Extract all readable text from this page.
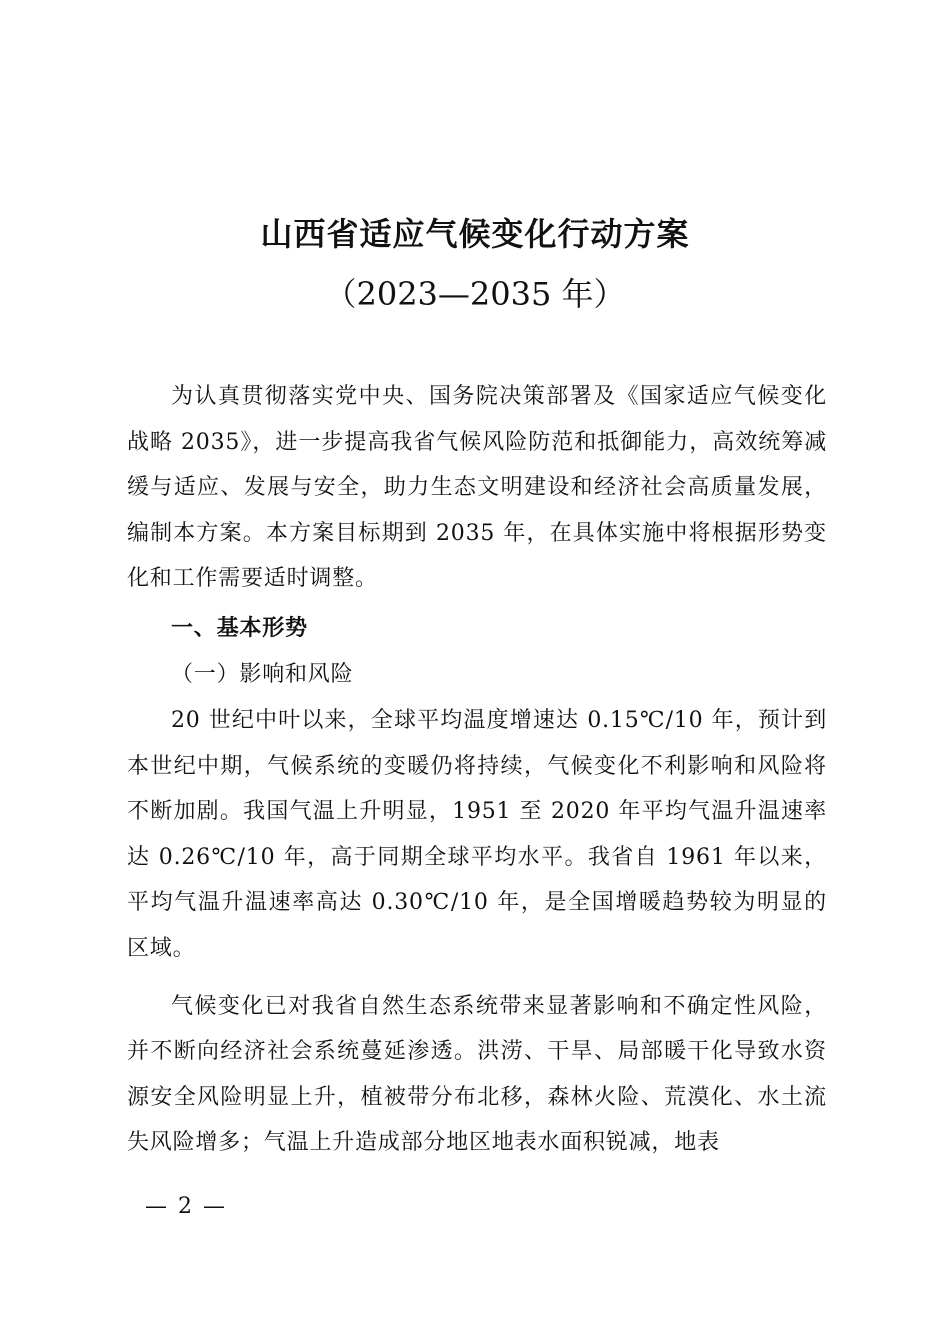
山西省适应气候变化行动方案
（2023—2035 年）

为认真贯彻落实党中央、国务院决策部署及《国家适应气候变化战略 2035》，进一步提高我省气候风险防范和抵御能力，高效统筹减缓与适应、发展与安全，助力生态文明建设和经济社会高质量发展，编制本方案。本方案目标期到 2035 年，在具体实施中将根据形势变化和工作需要适时调整。

一、基本形势
（一）影响和风险

20 世纪中叶以来，全球平均温度增速达 0.15℃/10 年，预计到本世纪中期，气候系统的变暖仍将持续，气候变化不利影响和风险将不断加剧。我国气温上升明显，1951 至 2020 年平均气温升温速率达 0.26℃/10 年，高于同期全球平均水平。我省自 1961 年以来，平均气温升温速率高达 0.30℃/10 年，是全国增暖趋势较为明显的区域。

气候变化已对我省自然生态系统带来显著影响和不确定性风险，并不断向经济社会系统蔓延渗透。洪涝、干旱、局部暖干化导致水资源安全风险明显上升，植被带分布北移，森林火险、荒漠化、水土流失风险增多；气温上升造成部分地区地表水面积锐减，地表

— 2 —
